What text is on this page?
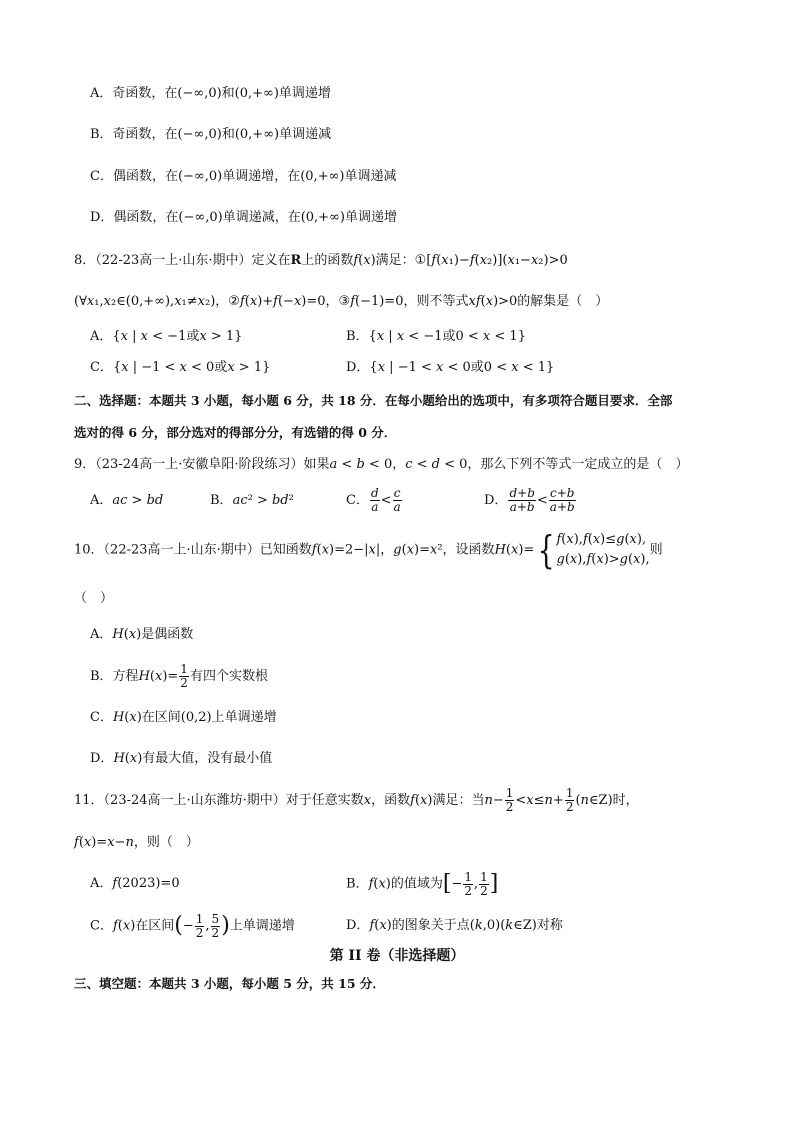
A．奇函数，在(−∞,0)和(0,+∞)单调递增
B．奇函数，在(−∞,0)和(0,+∞)单调递减
C．偶函数，在(−∞,0)单调递增，在(0,+∞)单调递减
D．偶函数，在(−∞,0)单调递减，在(0,+∞)单调递增
8．（22-23高一上·山东·期中）定义在R上的函数f(x)满足：①[f(x₁)−f(x₂)](x₁−x₂)>0
(∀x₁,x₂∈(0,+∞),x₁≠x₂)，②f(x)+f(−x)=0，③f(−1)=0，则不等式xf(x)>0的解集是（　）
A．{x | x < −1或x > 1}	B．{x | x < −1或0 < x < 1}
C．{x | −1 < x < 0或x > 1}	D．{x | −1 < x < 0或0 < x < 1}
二、选择题：本题共 3 小题，每小题 6 分，共 18 分．在每小题给出的选项中，有多项符合题目要求．全部
选对的得 6 分，部分选对的得部分分，有选错的得 0 分．
9．（23-24高一上·安徽阜阳·阶段练习）如果a < b < 0，c < d < 0，那么下列不等式一定成立的是（　）
A．ac > bd	B．ac² > bd²	C． $\frac{d}{a} < \frac{c}{a}$	D． $\frac{d+b}{a+b} < \frac{c+b}{a+b}$
10．（22-23高一上·山东·期中）已知函数f(x)=2−|x|，g(x)=x²，设函数H(x)={ f(x),f(x)≤g(x),
g(x),f(x)>g(x),
则
（　）
A．H(x)是偶函数
B．方程$H(x)= \frac{1}{2}$ 有四个实数根
C．H(x)在区间(0,2)上单调递增
D．H(x)有最大值，没有最小值
11．（23-24高一上·山东潍坊·期中）对于任意实数x，函数f(x)满足：当$n- \frac{1}{2} <x\le n+ \frac{1}{2}$ (n∈Z)时，
f(x)=x−n，则（　）
A．f(2023)=0	B．f(x)的值域为[− $\frac{1}{2}$ , $\frac{1}{2}$ ]
C．f(x)在区间(− $\frac{1}{2}$ , $\frac{5}{2}$ )上单调递增	D．f(x)的图象关于点(k,0)(k∈Z)对称
第 II 卷（非选择题）
三、填空题：本题共 3 小题，每小题 5 分，共 15 分．
